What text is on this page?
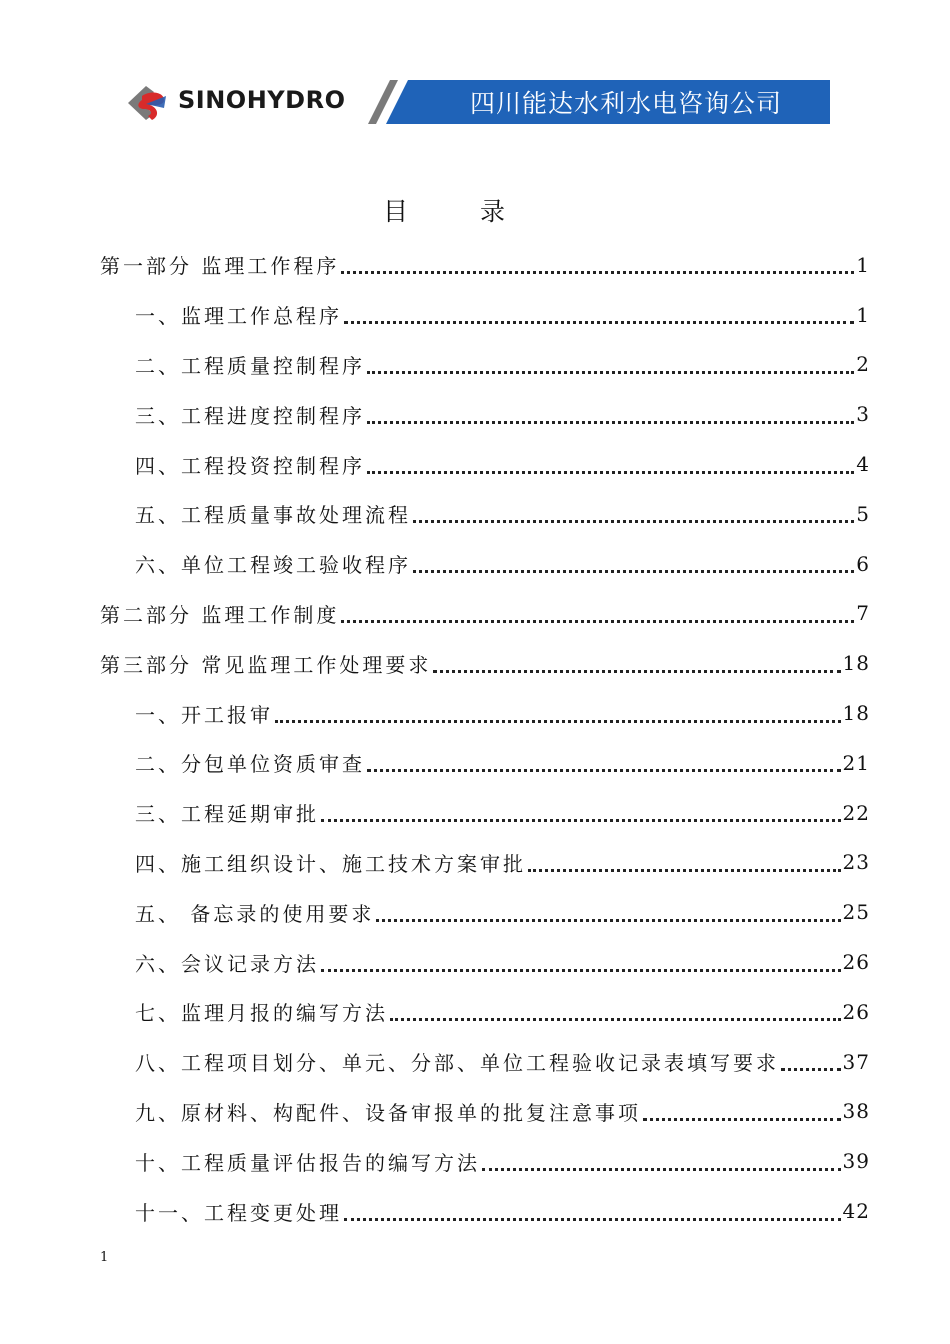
SINOHYDRO	四川能达水利水电咨询公司
目录
第一部分 监理工作程序	1
一、监理工作总程序	1
二、工程质量控制程序	2
三、工程进度控制程序	3
四、工程投资控制程序	4
五、工程质量事故处理流程	5
六、单位工程竣工验收程序	6
第二部分 监理工作制度	7
第三部分 常见监理工作处理要求	18
一、开工报审	18
二、分包单位资质审查	21
三、工程延期审批	22
四、施工组织设计、施工技术方案审批	23
五、 备忘录的使用要求	25
六、会议记录方法	26
七、监理月报的编写方法	26
八、工程项目划分、单元、分部、单位工程验收记录表填写要求	37
九、原材料、构配件、设备审报单的批复注意事项	38
十、工程质量评估报告的编写方法	39
十一、工程变更处理	42
1
